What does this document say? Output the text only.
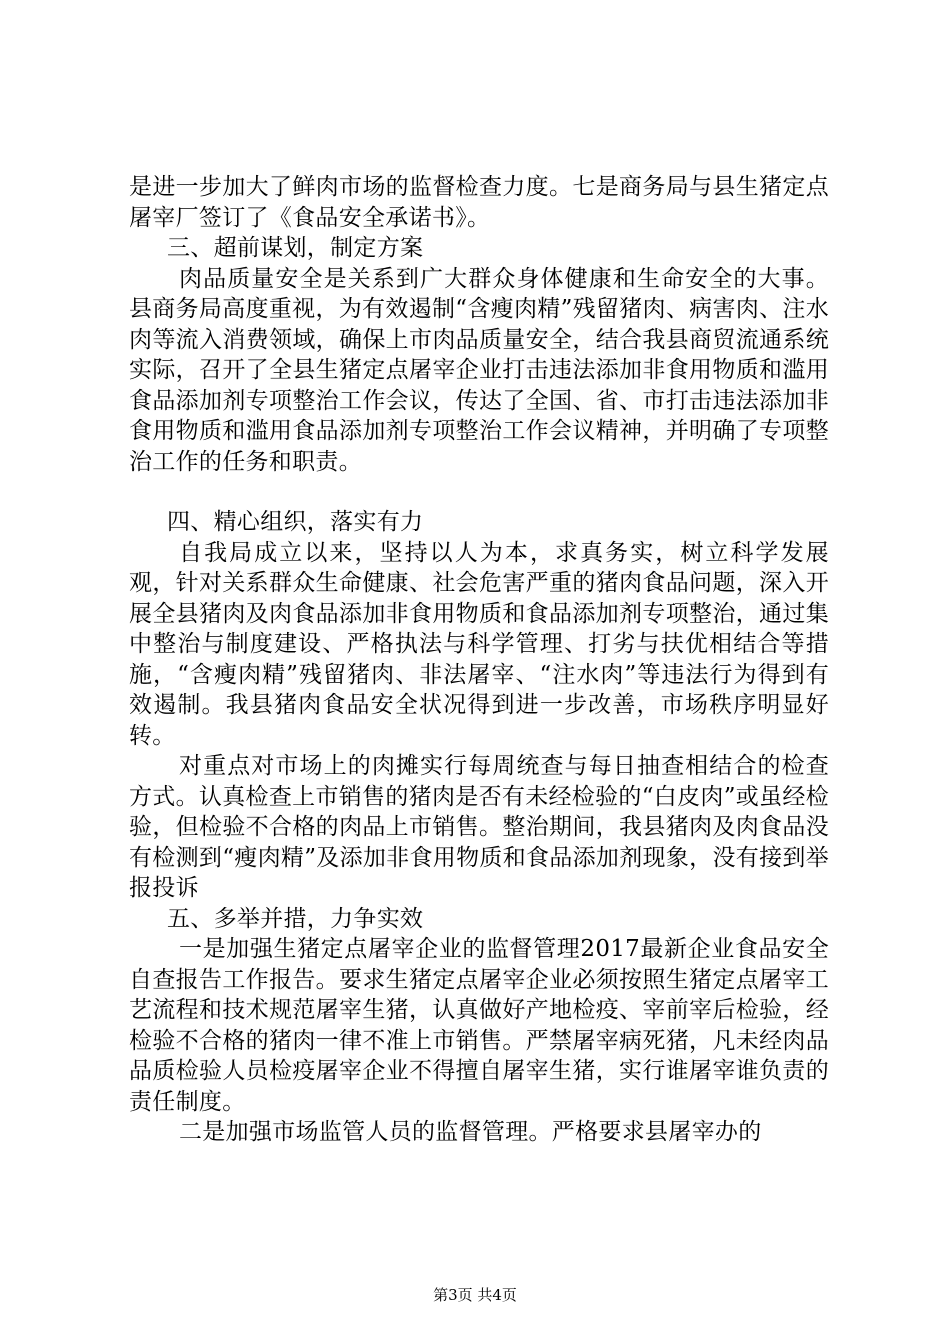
是进一步加大了鲜肉市场的监督检查力度。七是商务局与县生猪定点屠宰厂签订了《食品安全承诺书》。

三、超前谋划，制定方案

肉品质量安全是关系到广大群众身体健康和生命安全的大事。县商务局高度重视，为有效遏制“含瘦肉精”残留猪肉、病害肉、注水肉等流入消费领域，确保上市肉品质量安全，结合我县商贸流通系统实际，召开了全县生猪定点屠宰企业打击违法添加非食用物质和滥用食品添加剂专项整治工作会议，传达了全国、省、市打击违法添加非食用物质和滥用食品添加剂专项整治工作会议精神，并明确了专项整治工作的任务和职责。

四、精心组织，落实有力

自我局成立以来，坚持以人为本，求真务实，树立科学发展观，针对关系群众生命健康、社会危害严重的猪肉食品问题，深入开展全县猪肉及肉食品添加非食用物质和食品添加剂专项整治，通过集中整治与制度建设、严格执法与科学管理、打劣与扶优相结合等措施，“含瘦肉精”残留猪肉、非法屠宰、“注水肉”等违法行为得到有效遏制。我县猪肉食品安全状况得到进一步改善，市场秩序明显好转。

对重点对市场上的肉摊实行每周统查与每日抽查相结合的检查方式。认真检查上市销售的猪肉是否有未经检验的“白皮肉”或虽经检验，但检验不合格的肉品上市销售。整治期间，我县猪肉及肉食品没有检测到“瘦肉精”及添加非食用物质和食品添加剂现象，没有接到举报投诉

五、多举并措，力争实效

一是加强生猪定点屠宰企业的监督管理2017最新企业食品安全自查报告工作报告。要求生猪定点屠宰企业必须按照生猪定点屠宰工艺流程和技术规范屠宰生猪，认真做好产地检疫、宰前宰后检验，经检验不合格的猪肉一律不准上市销售。严禁屠宰病死猪，凡未经肉品品质检验人员检疫屠宰企业不得擅自屠宰生猪，实行谁屠宰谁负责的责任制度。

二是加强市场监管人员的监督管理。严格要求县屠宰办的

第3页 共4页
